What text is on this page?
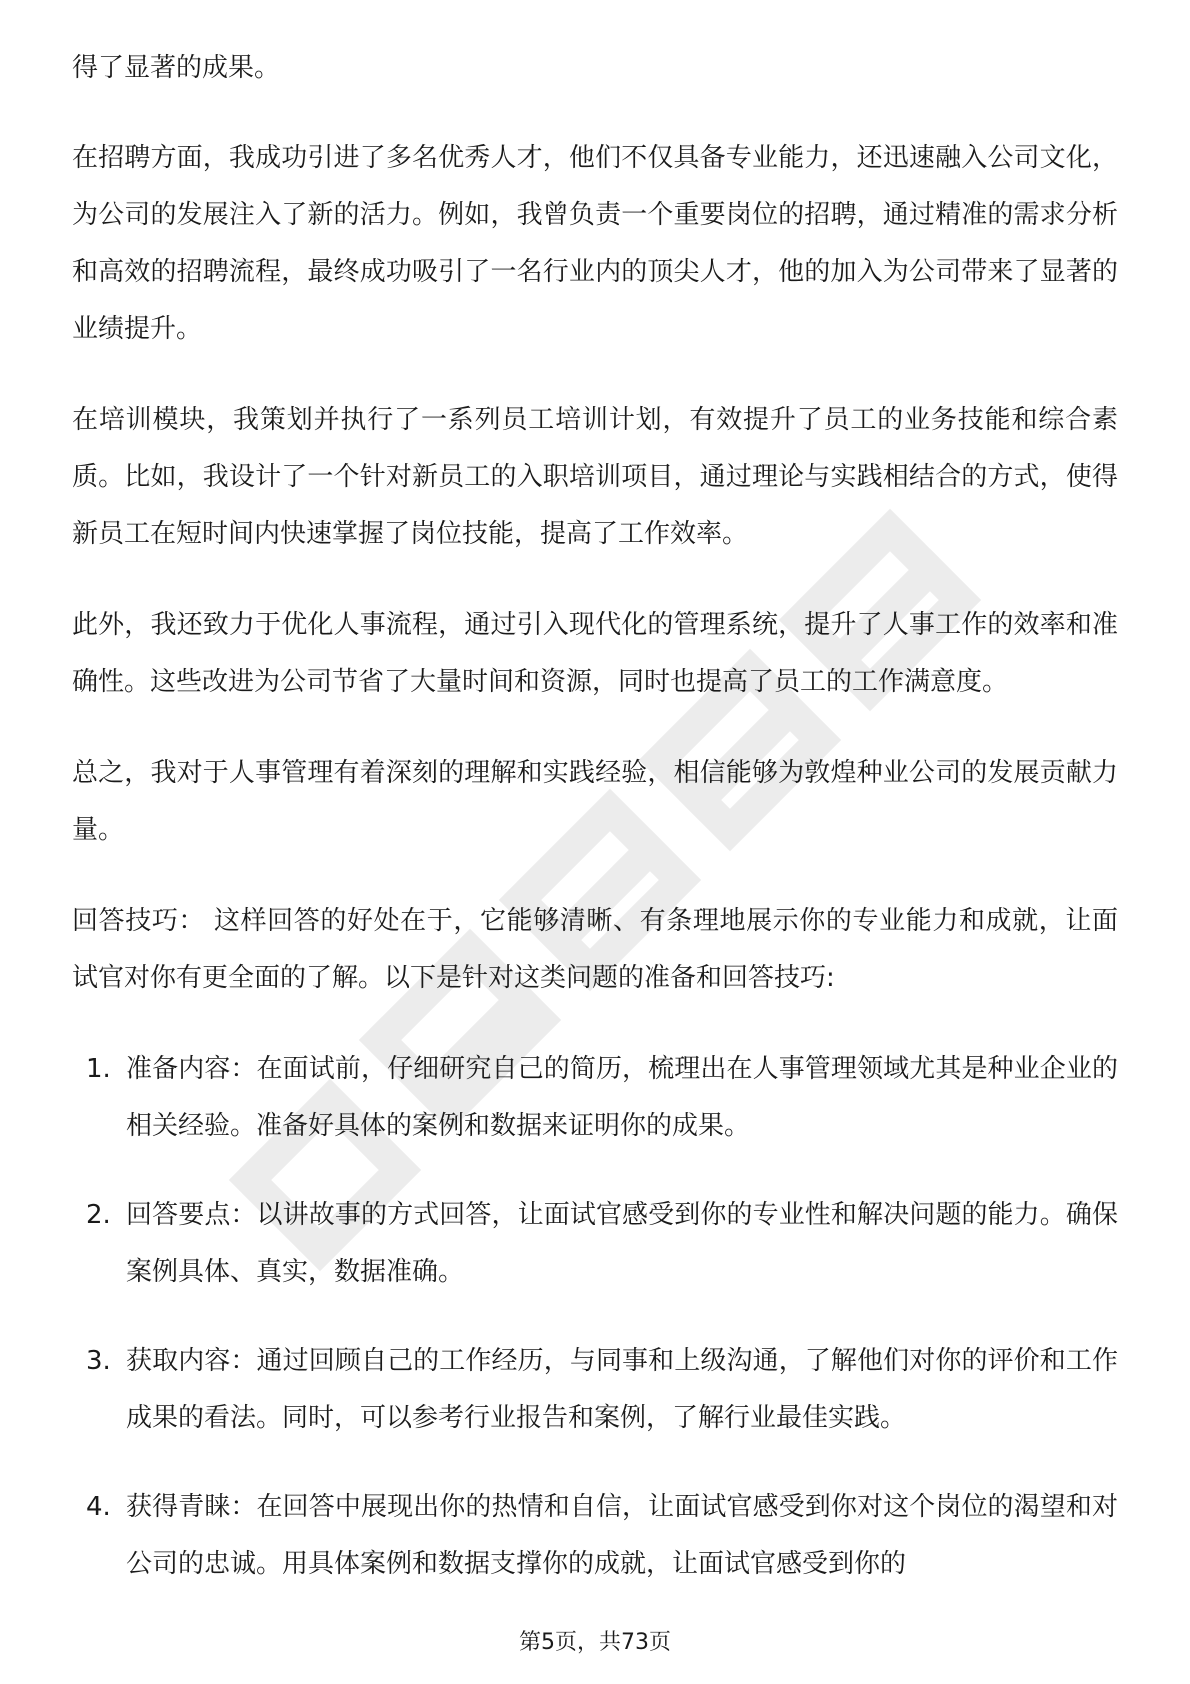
得了显著的成果。

在招聘方面，我成功引进了多名优秀人才，他们不仅具备专业能力，还迅速融入公司文化，为公司的发展注入了新的活力。例如，我曾负责一个重要岗位的招聘，通过精准的需求分析和高效的招聘流程，最终成功吸引了一名行业内的顶尖人才，他的加入为公司带来了显著的业绩提升。

在培训模块，我策划并执行了一系列员工培训计划，有效提升了员工的业务技能和综合素质。比如，我设计了一个针对新员工的入职培训项目，通过理论与实践相结合的方式，使得新员工在短时间内快速掌握了岗位技能，提高了工作效率。

此外，我还致力于优化人事流程，通过引入现代化的管理系统，提升了人事工作的效率和准确性。这些改进为公司节省了大量时间和资源，同时也提高了员工的工作满意度。

总之，我对于人事管理有着深刻的理解和实践经验，相信能够为敦煌种业公司的发展贡献力量。

回答技巧： 这样回答的好处在于，它能够清晰、有条理地展示你的专业能力和成就，让面试官对你有更全面的了解。以下是针对这类问题的准备和回答技巧:

1. 准备内容：在面试前，仔细研究自己的简历，梳理出在人事管理领域尤其是种业企业的相关经验。准备好具体的案例和数据来证明你的成果。
2. 回答要点：以讲故事的方式回答，让面试官感受到你的专业性和解决问题的能力。确保案例具体、真实，数据准确。
3. 获取内容：通过回顾自己的工作经历，与同事和上级沟通，了解他们对你的评价和工作成果的看法。同时，可以参考行业报告和案例，了解行业最佳实践。
4. 获得青睐：在回答中展现出你的热情和自信，让面试官感受到你对这个岗位的渴望和对公司的忠诚。用具体案例和数据支撑你的成就，让面试官感受到你的
第5页，共73页
